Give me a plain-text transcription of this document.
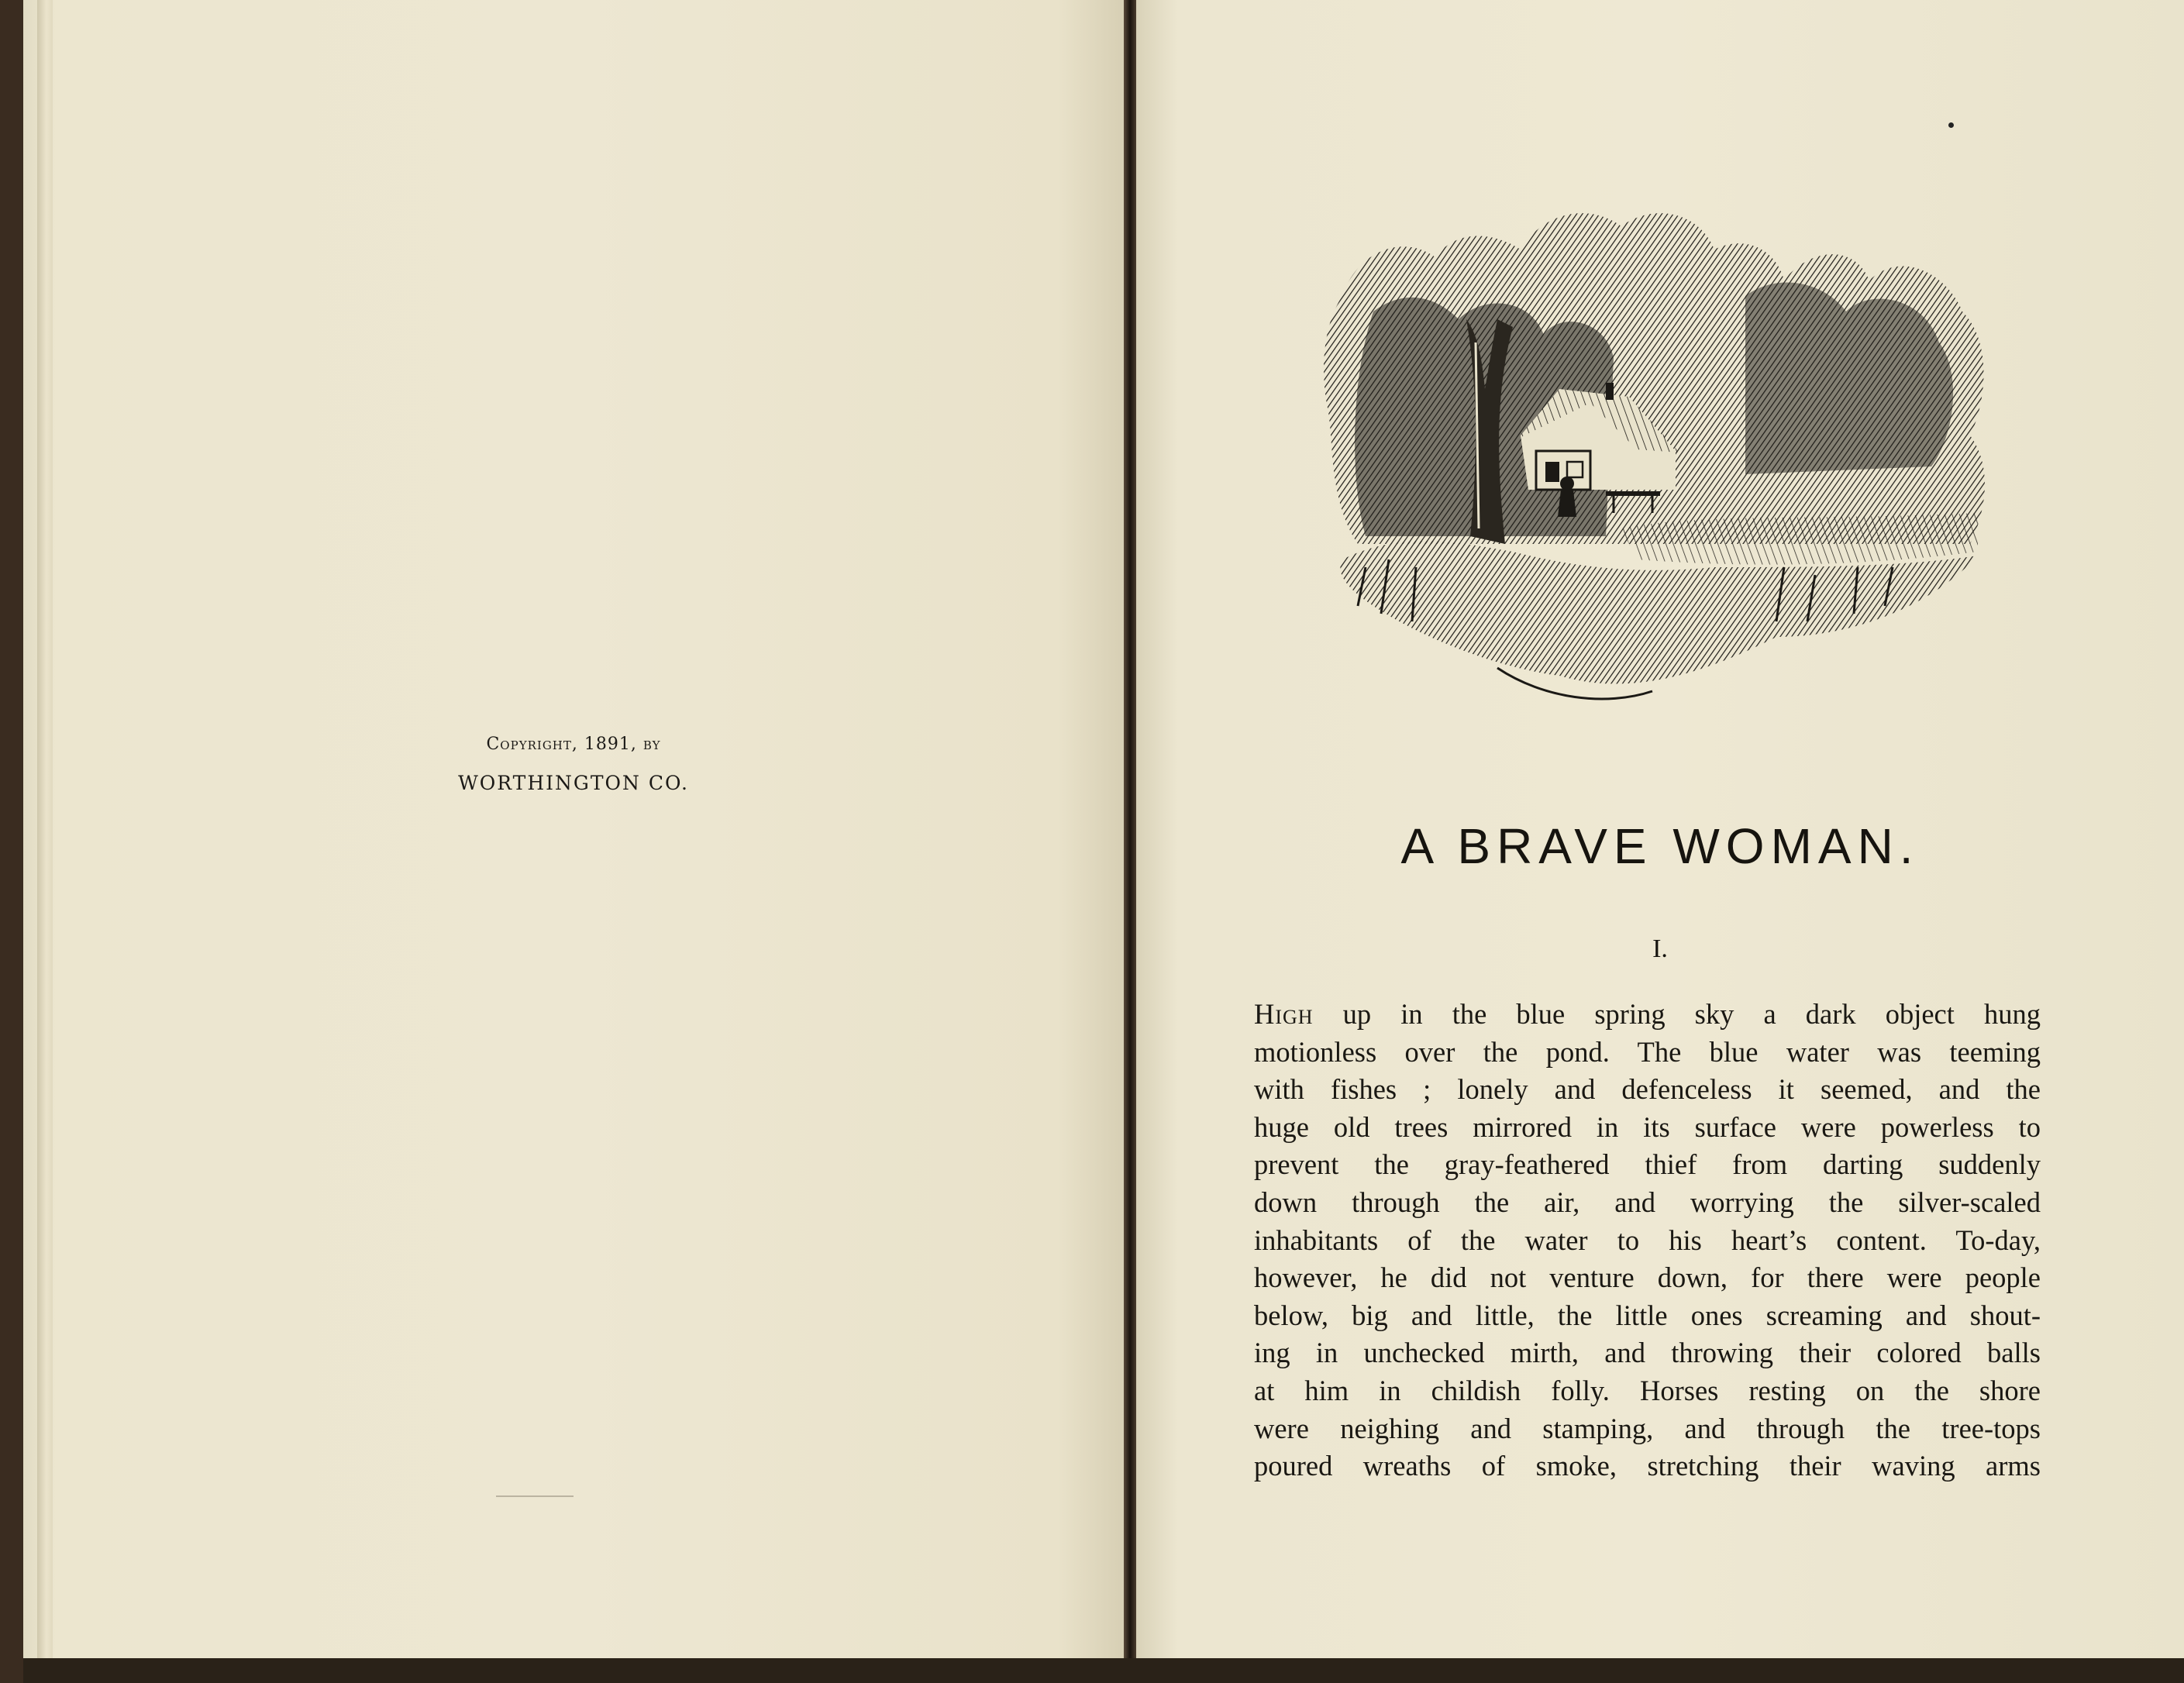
Copyright, 1891, by
WORTHINGTON CO.
A BRAVE WOMAN.
I.
High up in the blue spring sky a dark object hung
motionless over the pond. The blue water was teeming
with fishes ; lonely and defenceless it seemed, and the
huge old trees mirrored in its surface were powerless to
prevent the gray-feathered thief from darting suddenly
down through the air, and worrying the silver-scaled
inhabitants of the water to his heart’s content. To-day,
however, he did not venture down, for there were people
below, big and little, the little ones screaming and shout-
ing in unchecked mirth, and throwing their colored balls
at him in childish folly. Horses resting on the shore
were neighing and stamping, and through the tree-tops
poured wreaths of smoke, stretching their waving arms
